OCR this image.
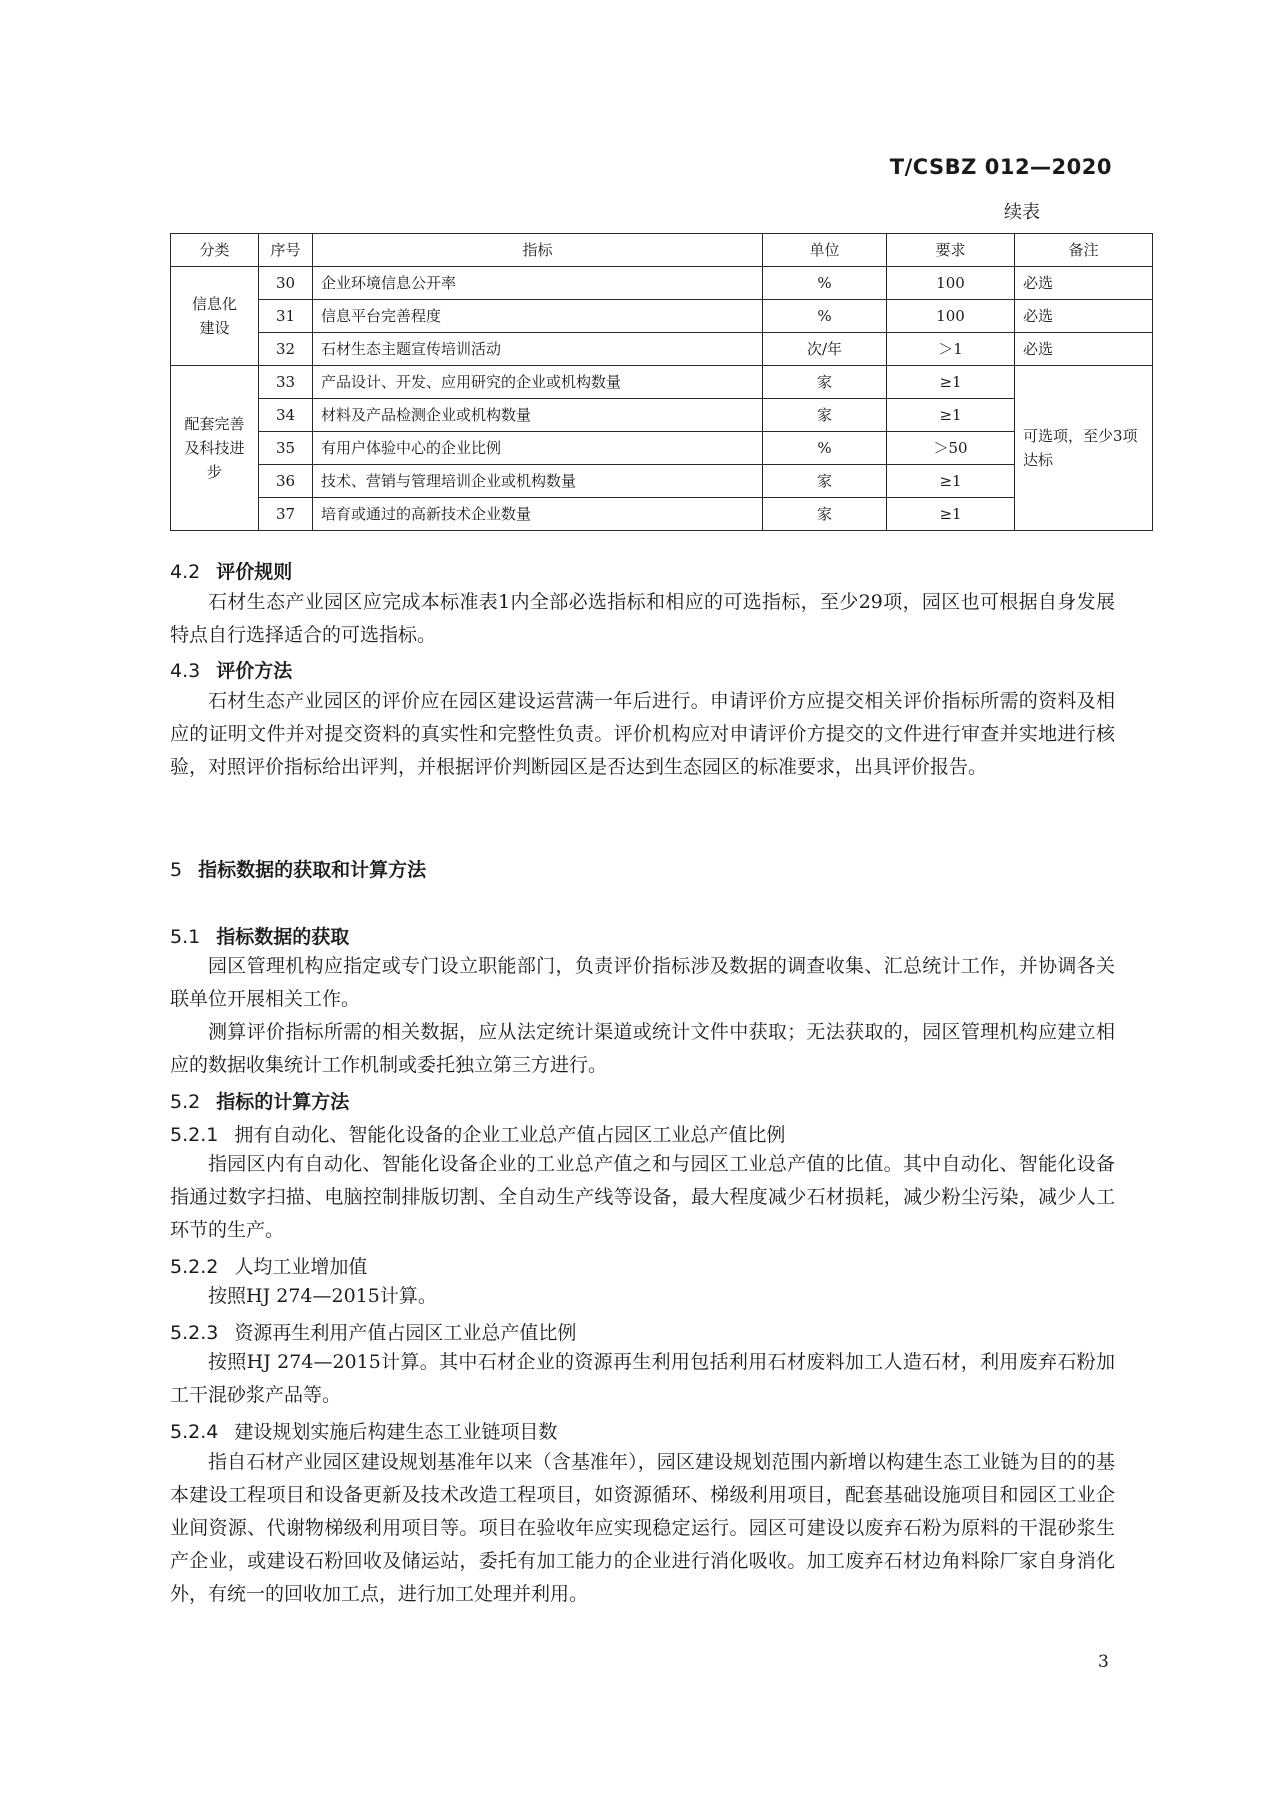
T/CSBZ 012—2020
续表
分类	序号	指标	单位	要求	备注
信息化建设	30	企业环境信息公开率	%	100	必选
	31	信息平台完善程度	%	100	必选
	32	石材生态主题宣传培训活动	次/年	＞1	必选
配套完善及科技进步	33	产品设计、开发、应用研究的企业或机构数量	家	≥1	可选项，至少3项达标
	34	材料及产品检测企业或机构数量	家	≥1	
	35	有用户体验中心的企业比例	%	＞50	
	36	技术、营销与管理培训企业或机构数量	家	≥1	
	37	培育或通过的高新技术企业数量	家	≥1	
4.2 评价规则
石材生态产业园区应完成本标准表1内全部必选指标和相应的可选指标，至少29项，园区也可根据自身发展特点自行选择适合的可选指标。
4.3 评价方法
石材生态产业园区的评价应在园区建设运营满一年后进行。申请评价方应提交相关评价指标所需的资料及相应的证明文件并对提交资料的真实性和完整性负责。评价机构应对申请评价方提交的文件进行审查并实地进行核验，对照评价指标给出评判，并根据评价判断园区是否达到生态园区的标准要求，出具评价报告。
5 指标数据的获取和计算方法
5.1 指标数据的获取
园区管理机构应指定或专门设立职能部门，负责评价指标涉及数据的调查收集、汇总统计工作，并协调各关联单位开展相关工作。
测算评价指标所需的相关数据，应从法定统计渠道或统计文件中获取；无法获取的，园区管理机构应建立相应的数据收集统计工作机制或委托独立第三方进行。
5.2 指标的计算方法
5.2.1 拥有自动化、智能化设备的企业工业总产值占园区工业总产值比例
指园区内有自动化、智能化设备企业的工业总产值之和与园区工业总产值的比值。其中自动化、智能化设备指通过数字扫描、电脑控制排版切割、全自动生产线等设备，最大程度减少石材损耗，减少粉尘污染，减少人工环节的生产。
5.2.2 人均工业增加值
按照HJ 274—2015计算。
5.2.3 资源再生利用产值占园区工业总产值比例
按照HJ 274—2015计算。其中石材企业的资源再生利用包括利用石材废料加工人造石材，利用废弃石粉加工干混砂浆产品等。
5.2.4 建设规划实施后构建生态工业链项目数
指自石材产业园区建设规划基准年以来（含基准年），园区建设规划范围内新增以构建生态工业链为目的的基本建设工程项目和设备更新及技术改造工程项目，如资源循环、梯级利用项目，配套基础设施项目和园区工业企业间资源、代谢物梯级利用项目等。项目在验收年应实现稳定运行。园区可建设以废弃石粉为原料的干混砂浆生产企业，或建设石粉回收及储运站，委托有加工能力的企业进行消化吸收。加工废弃石材边角料除厂家自身消化外，有统一的回收加工点，进行加工处理并利用。
3
